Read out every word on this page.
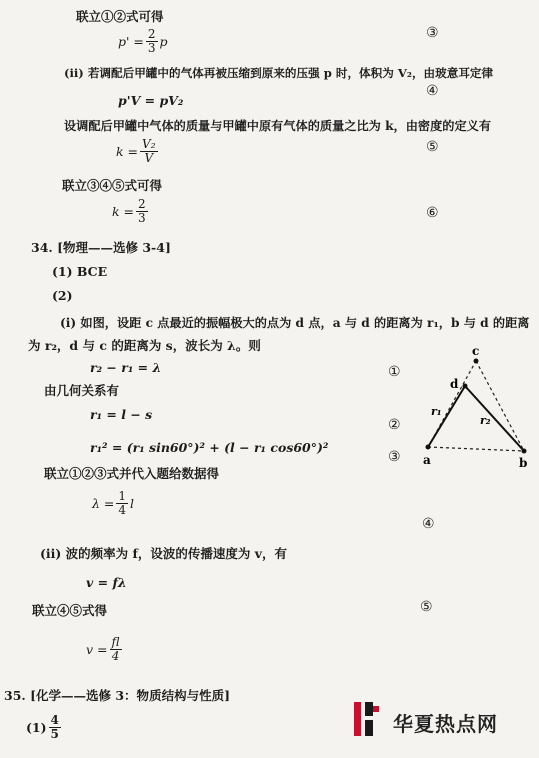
联立①②式可得
$p' = \frac{2}{3}$ p
③
(ii) 若调配后甲罐中的气体再被压缩到原来的压强 p 时，体积为 V₂，由玻意耳定律
④
p'V = pV₂
设调配后甲罐中气体的质量与甲罐中原有气体的质量之比为 k，由密度的定义有
$k = \frac{\text{V₂}}{V}$	⑤
联立③④⑤式可得
$k = \frac{2}{3}$	⑥
34. [物理——选修 3-4]
(1) BCE
(2)
(i) 如图，设距 c 点最近的振幅极大的点为 d 点，a 与 d 的距离为 r₁，b 与 d 的距离
为 r₂，d 与 c 的距离为 s，波长为 λ。则
r₂ − r₁ = λ	①
由几何关系有
r₁ = l − s
②
r₁² = (r₁ sin60°)² + (l − r₁ cos60°)²
③
c
d
r₁
r₂
a	b
联立①②③式并代入题给数据得
$\lambda = \frac{1}{4}$ l
④
(ii) 波的频率为 f，设波的传播速度为 v，有
v = fλ
联立④⑤式得	⑤
$v = \frac{fl}{4}$
35. [化学——选修 3：物质结构与性质]
$(1) \frac{4}{5}$	华夏热点网
